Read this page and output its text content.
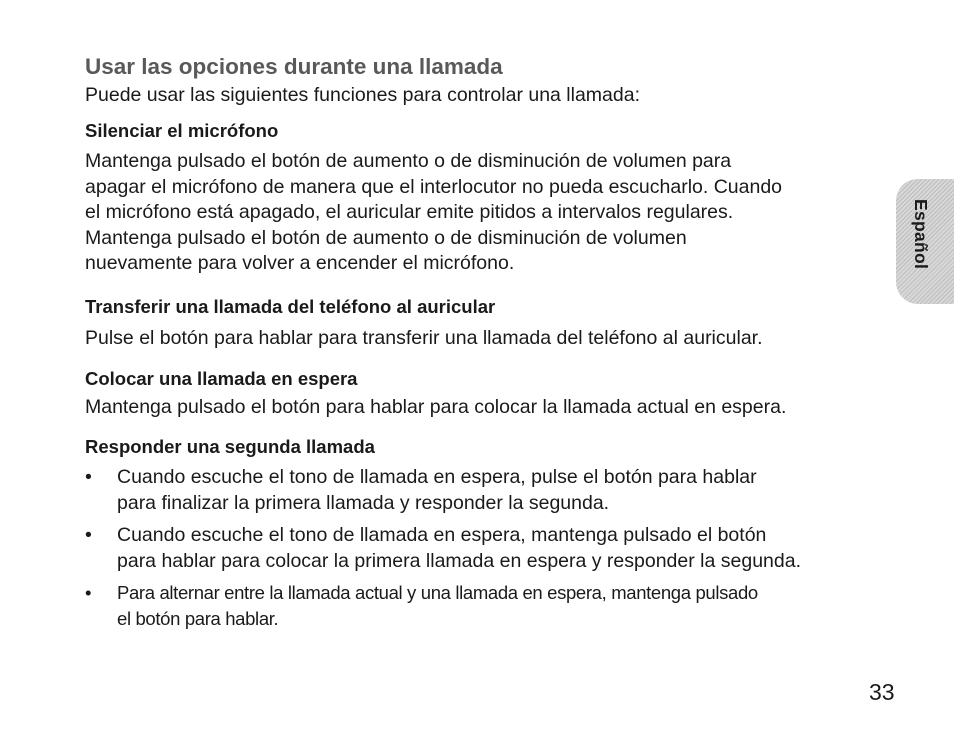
Usar las opciones durante una llamada

Puede usar las siguientes funciones para controlar una llamada:

Silenciar el micrófono
Mantenga pulsado el botón de aumento o de disminución de volumen para
apagar el micrófono de manera que el interlocutor no pueda escucharlo. Cuando
el micrófono está apagado, el auricular emite pitidos a intervalos regulares.
Mantenga pulsado el botón de aumento o de disminución de volumen
nuevamente para volver a encender el micrófono.
Transferir una llamada del teléfono al auricular

Pulse el botón para hablar para transferir una llamada del teléfono al auricular.

Colocar una llamada en espera

Mantenga pulsado el botón para hablar para colocar la llamada actual en espera.

Responder una segunda llamada
• Cuando escuche el tono de llamada en espera, pulse el botón para hablar
para finalizar la primera llamada y responder la segunda.
• Cuando escuche el tono de llamada en espera, mantenga pulsado el botón
para hablar para colocar la primera llamada en espera y responder la segunda.
• Para alternar entre la llamada actual y una llamada en espera, mantenga pulsado
el botón para hablar.
Español
33
